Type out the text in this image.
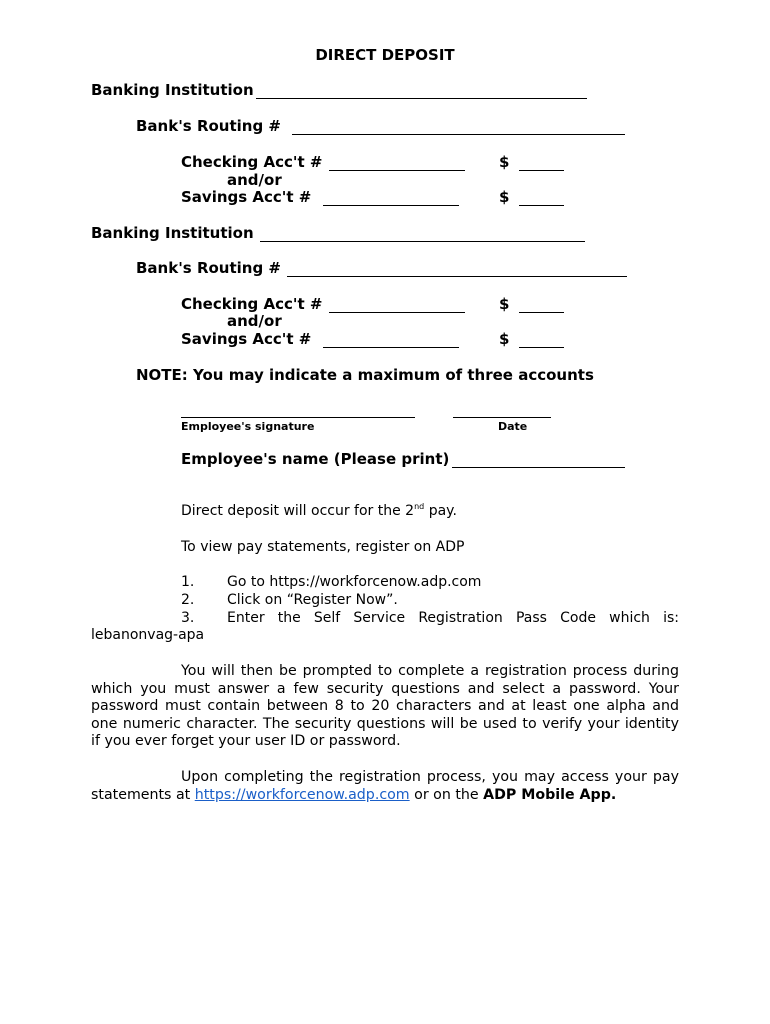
DIRECT DEPOSIT
Banking Institution
Bank's Routing #
Checking Acc't #	$
and/or
Savings Acc't #	$
Banking Institution
Bank's Routing #
Checking Acc't #	$
and/or
Savings Acc't #	$
NOTE: You may indicate a maximum of three accounts
Employee's signature	Date
Employee's name (Please print)
Direct deposit will occur for the 2nd pay.
To view pay statements, register on ADP
1. Go to https://workforcenow.adp.com
2. Click on “Register Now”.
3. Enter the Self Service Registration Pass Code which is:
lebanonvag-apa
You will then be prompted to complete a registration process during which you must answer a few security questions and select a password. Your password must contain between 8 to 20 characters and at least one alpha and one numeric character. The security questions will be used to verify your identity if you ever forget your user ID or password.
Upon completing the registration process, you may access your pay statements at https://workforcenow.adp.com or on the ADP Mobile App.
